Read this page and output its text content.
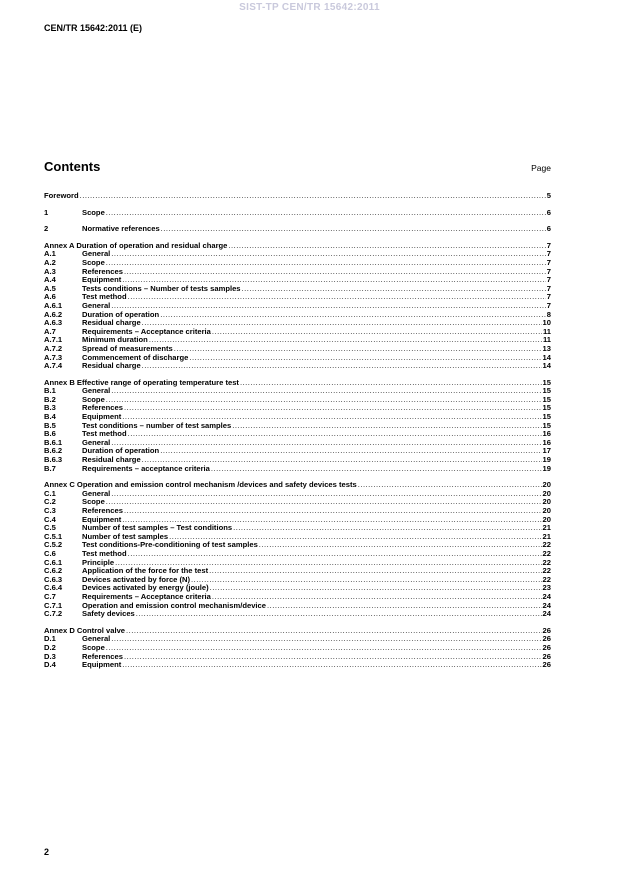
SIST-TP CEN/TR 15642:2011
CEN/TR 15642:2011 (E)
Contents	Page
Foreword .....	5
1	Scope .....	6
2	Normative references .....	6
Annex A Duration of operation and residual charge .....	7
A.1	General .....	7
A.2	Scope .....	7
A.3	References .....	7
A.4	Equipment .....	7
A.5	Tests conditions – Number of tests samples .....	7
A.6	Test method .....	7
A.6.1	General .....	7
A.6.2	Duration of operation .....	8
A.6.3	Residual charge .....	10
A.7	Requirements – Acceptance criteria .....	11
A.7.1	Minimum duration .....	11
A.7.2	Spread of measurements .....	13
A.7.3	Commencement of discharge .....	14
A.7.4	Residual charge .....	14
Annex B Effective range of operating temperature test .....	15
B.1	General .....	15
B.2	Scope .....	15
B.3	References .....	15
B.4	Equipment .....	15
B.5	Test conditions – number of test samples .....	15
B.6	Test method .....	16
B.6.1	General .....	16
B.6.2	Duration of operation .....	17
B.6.3	Residual charge .....	19
B.7	Requirements – acceptance criteria .....	19
Annex C Operation and emission control mechanism /devices and safety devices tests .....	20
C.1	General .....	20
C.2	Scope .....	20
C.3	References .....	20
C.4	Equipment .....	20
C.5	Number of test samples – Test conditions .....	21
C.5.1	Number of test samples .....	21
C.5.2	Test conditions-Pre-conditioning of test samples .....	22
C.6	Test method .....	22
C.6.1	Principle .....	22
C.6.2	Application of the force for the test .....	22
C.6.3	Devices activated by force (N) .....	22
C.6.4	Devices activated by energy (joule) .....	23
C.7	Requirements – Acceptance criteria .....	24
C.7.1	Operation and emission control mechanism/device .....	24
C.7.2	Safety devices .....	24
Annex D Control valve .....	26
D.1	General .....	26
D.2	Scope .....	26
D.3	References .....	26
D.4	Equipment .....	26
2
